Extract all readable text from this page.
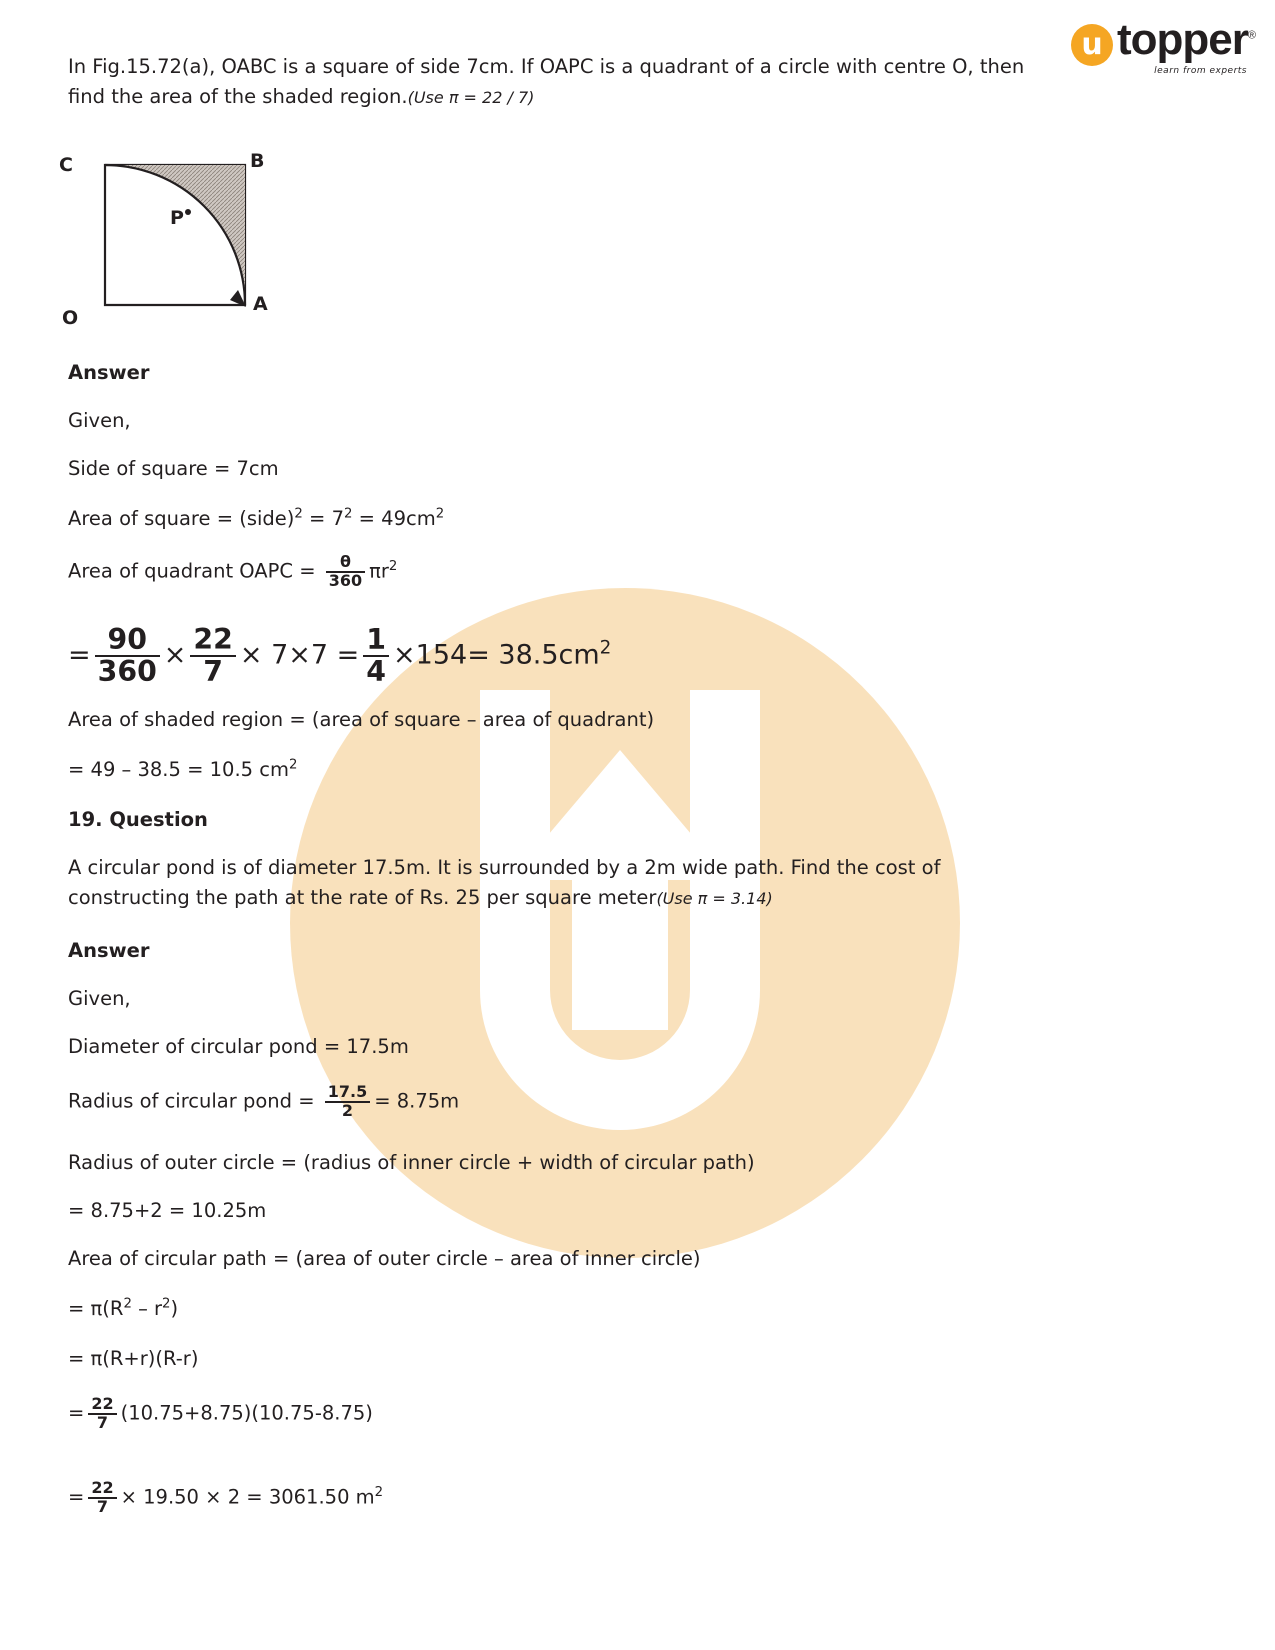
u topper®
learn from experts
In Fig.15.72(a), OABC is a square of side 7cm. If OAPC is a quadrant of a circle with centre O, then
find the area of the shaded region.(Use π = 22 / 7)
C	B
P
O
A
Answer
Given,
Side of square = 7cm
Area of square = (side)$^2$ = $7^2 = 49cm^2$
Area of quadrant OAPC = $\frac{\theta}{360} \pi r^2$
= $\frac{90}{360} \times \frac{22}{7} \times 7\times 7 = \frac{1}{4} \times 154= 38.5cm^2$
Area of shaded region = (area of square – area of quadrant)
= 49 – 38.5 = 10.5 $cm^2$
19. Question
A circular pond is of diameter 17.5m. It is surrounded by a 2m wide path. Find the cost of
constructing the path at the rate of Rs. 25 per square meter(Use π = 3.14)
Answer
Given,
Diameter of circular pond = 17.5m
Radius of circular pond = $\frac{17.5}{2} = 8.75m$
Radius of outer circle = (radius of inner circle + width of circular path)
= 8.75+2 = 10.25m
Area of circular path = (area of outer circle – area of inner circle)
= $\pi(R^2 - r^2)$
= π(R+r)(R-r)
= $\frac{22}{7} (10.75+8.75)(10.75-8.75)$
= $\frac{22}{7} \times 19.50 \times 2 = 3061.50$ $m^2$
